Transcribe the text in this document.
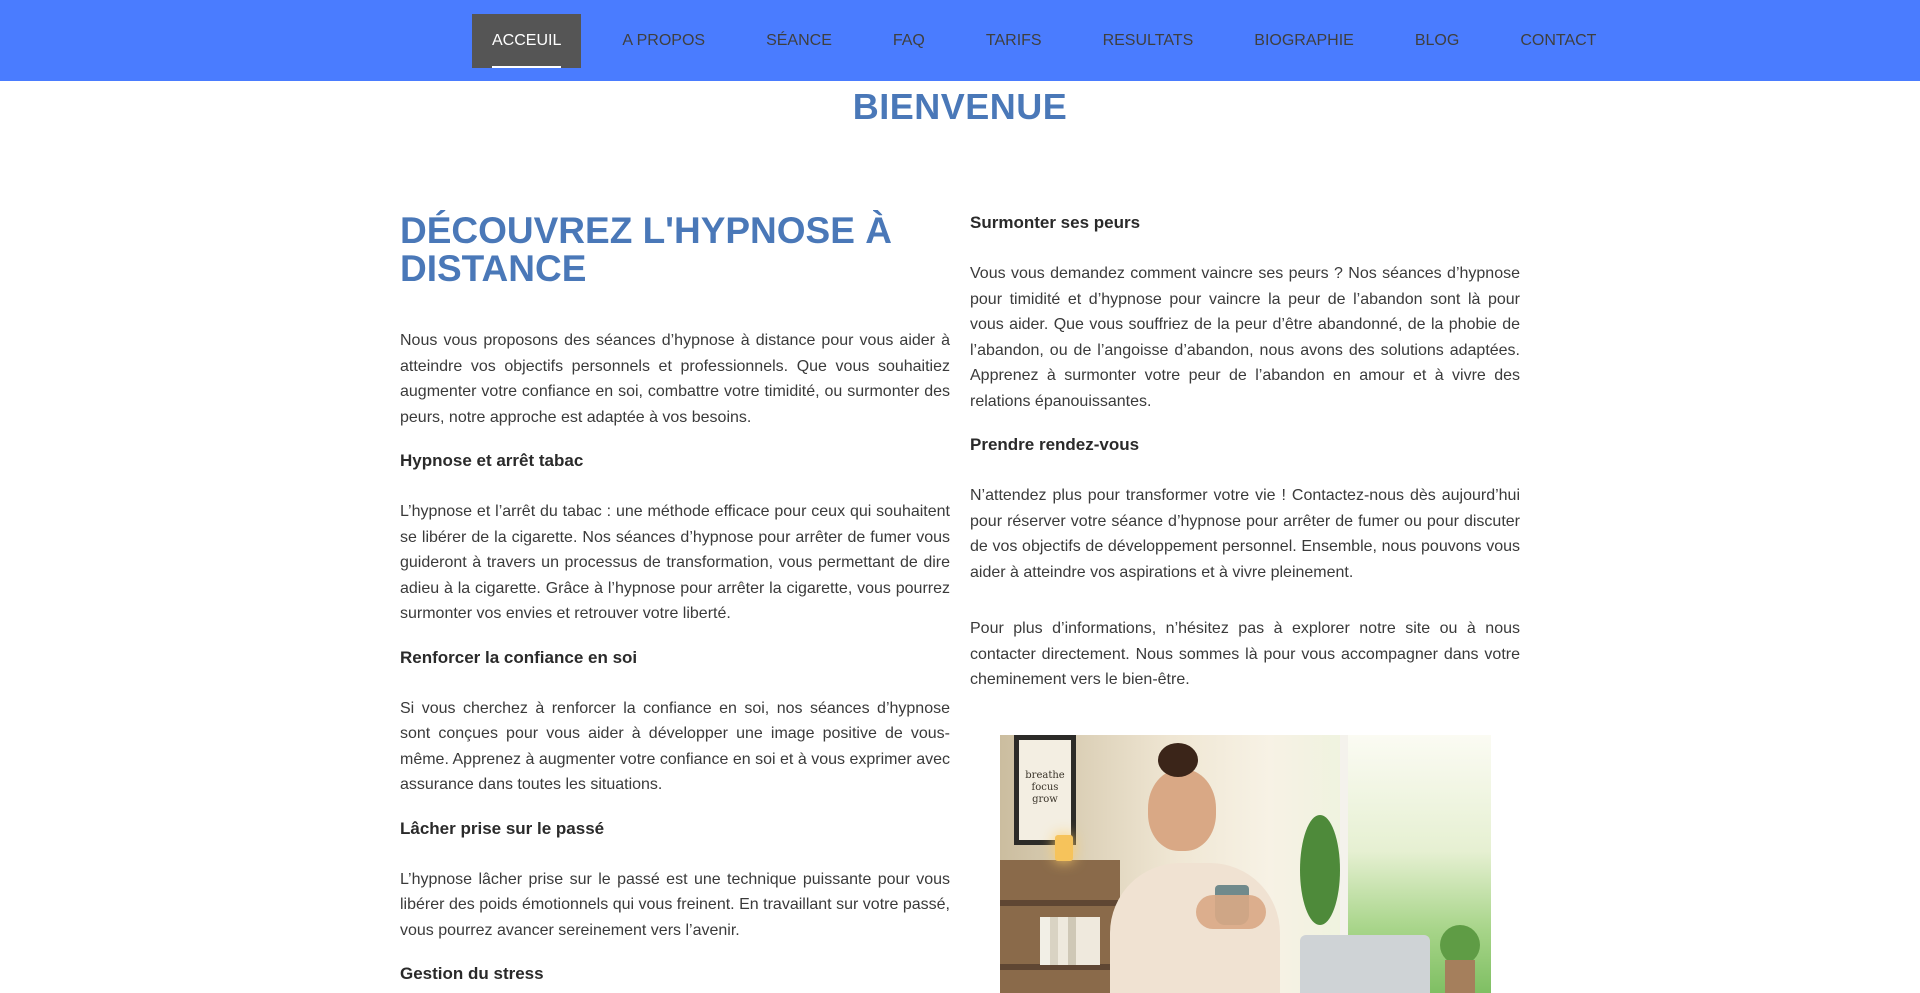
ACCEUIL	A PROPOS	SÉANCE	FAQ	TARIFS	RESULTATS	BIOGRAPHIE	BLOG	CONTACT
BIENVENUE
DÉCOUVREZ L'HYPNOSE À DISTANCE

Nous vous proposons des séances d’hypnose à distance pour vous aider à atteindre vos objectifs personnels et professionnels. Que vous souhaitiez augmenter votre confiance en soi, combattre votre timidité, ou surmonter des peurs, notre approche est adaptée à vos besoins.

Hypnose et arrêt tabac

L’hypnose et l’arrêt du tabac : une méthode efficace pour ceux qui souhaitent se libérer de la cigarette. Nos séances d’hypnose pour arrêter de fumer vous guideront à travers un processus de transformation, vous permettant de dire adieu à la cigarette. Grâce à l’hypnose pour arrêter la cigarette, vous pourrez surmonter vos envies et retrouver votre liberté.

Renforcer la confiance en soi

Si vous cherchez à renforcer la confiance en soi, nos séances d’hypnose sont conçues pour vous aider à développer une image positive de vous-même. Apprenez à augmenter votre confiance en soi et à vous exprimer avec assurance dans toutes les situations.

Lâcher prise sur le passé

L’hypnose lâcher prise sur le passé est une technique puissante pour vous libérer des poids émotionnels qui vous freinent. En travaillant sur votre passé, vous pourrez avancer sereinement vers l’avenir.

Gestion du stress
Surmonter ses peurs

Vous vous demandez comment vaincre ses peurs ? Nos séances d’hypnose pour timidité et d’hypnose pour vaincre la peur de l’abandon sont là pour vous aider. Que vous souffriez de la peur d’être abandonné, de la phobie de l’abandon, ou de l’angoisse d’abandon, nous avons des solutions adaptées. Apprenez à surmonter votre peur de l’abandon en amour et à vivre des relations épanouissantes.

Prendre rendez-vous

N’attendez plus pour transformer votre vie ! Contactez-nous dès aujourd’hui pour réserver votre séance d’hypnose pour arrêter de fumer ou pour discuter de vos objectifs de développement personnel. Ensemble, nous pouvons vous aider à atteindre vos aspirations et à vivre pleinement.

Pour plus d’informations, n’hésitez pas à explorer notre site ou à nous contacter directement. Nous sommes là pour vous accompagner dans votre cheminement vers le bien-être.

breathe
focus
grow
